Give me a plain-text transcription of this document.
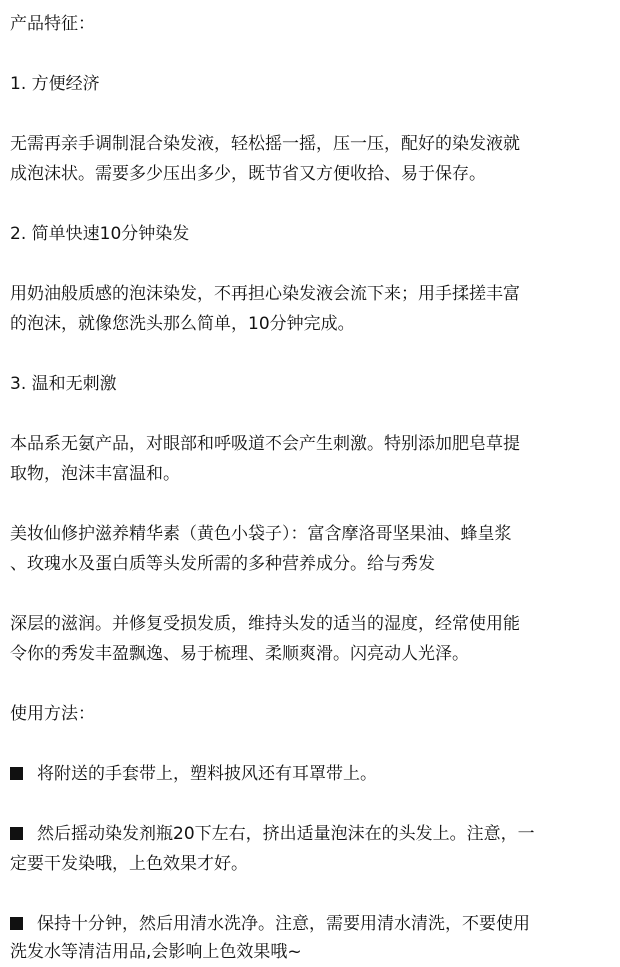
产品特征：
1. 方便经济
无需再亲手调制混合染发液，轻松摇一摇，压一压，配好的染发液就
成泡沫状。需要多少压出多少，既节省又方便收拾、易于保存。
2. 简单快速10分钟染发
用奶油般质感的泡沫染发，不再担心染发液会流下来；用手揉搓丰富
的泡沫，就像您洗头那么简单，10分钟完成。
3. 温和无刺激
本品系无氨产品，对眼部和呼吸道不会产生刺激。特别添加肥皂草提
取物，泡沫丰富温和。
美妆仙修护滋养精华素（黄色小袋子）：富含摩洛哥坚果油、蜂皇浆
、玫瑰水及蛋白质等头发所需的多种营养成分。给与秀发
深层的滋润。并修复受损发质，维持头发的适当的湿度，经常使用能
令你的秀发丰盈飘逸、易于梳理、柔顺爽滑。闪亮动人光泽。
使用方法：
将附送的手套带上，塑料披风还有耳罩带上。
然后摇动染发剂瓶20下左右，挤出适量泡沫在的头发上。注意，一
定要干发染哦，上色效果才好。
保持十分钟，然后用清水洗净。注意，需要用清水清洗，不要使用
洗发水等清洁用品,会影响上色效果哦~
